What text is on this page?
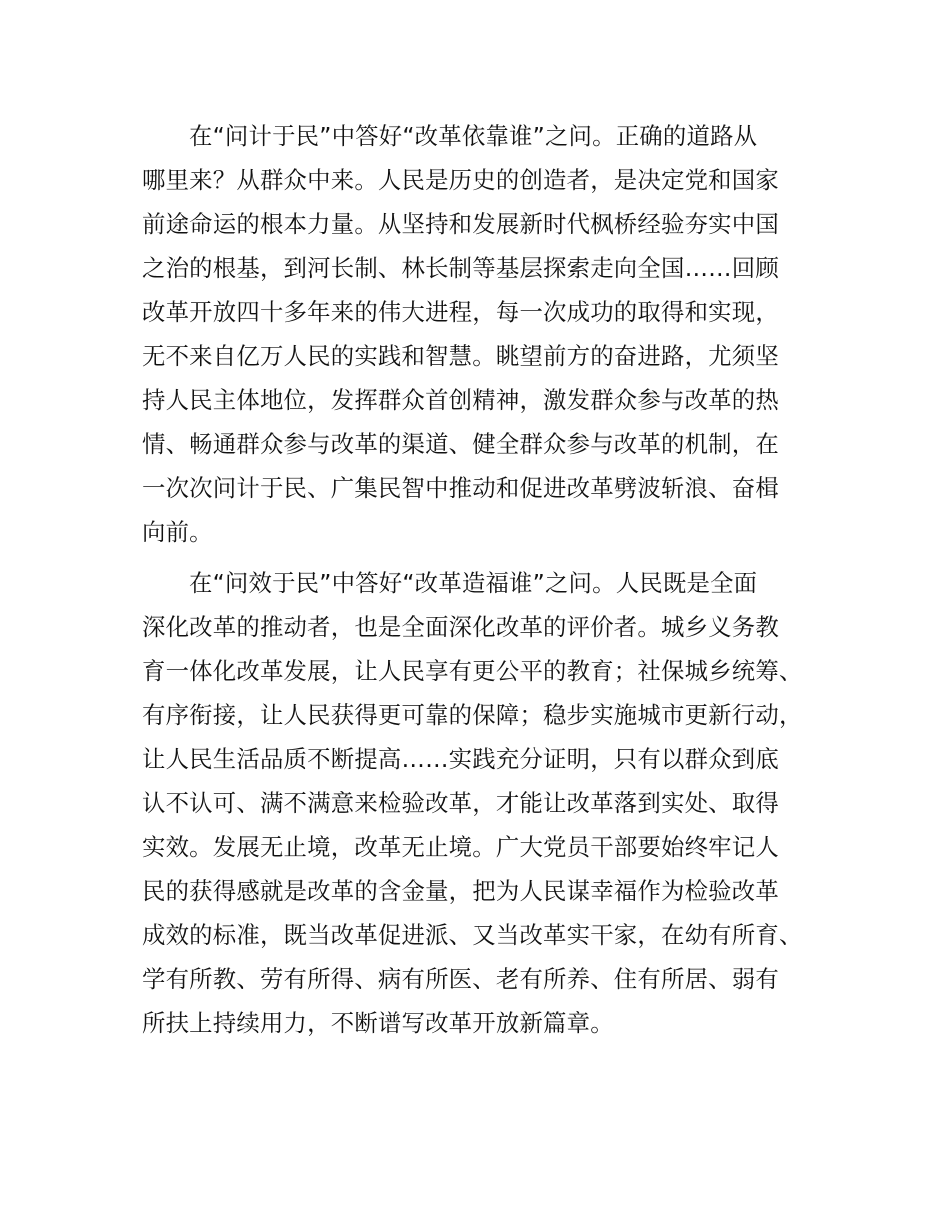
在“问计于民”中答好“改革依靠谁”之问。正确的道路从
哪里来？从群众中来。人民是历史的创造者，是决定党和国家
前途命运的根本力量。从坚持和发展新时代枫桥经验夯实中国
之治的根基，到河长制、林长制等基层探索走向全国……回顾
改革开放四十多年来的伟大进程，每一次成功的取得和实现，
无不来自亿万人民的实践和智慧。眺望前方的奋进路，尤须坚
持人民主体地位，发挥群众首创精神，激发群众参与改革的热
情、畅通群众参与改革的渠道、健全群众参与改革的机制，在
一次次问计于民、广集民智中推动和促进改革劈波斩浪、奋楫
向前。
在“问效于民”中答好“改革造福谁”之问。人民既是全面
深化改革的推动者，也是全面深化改革的评价者。城乡义务教
育一体化改革发展，让人民享有更公平的教育；社保城乡统筹、
有序衔接，让人民获得更可靠的保障；稳步实施城市更新行动，
让人民生活品质不断提高……实践充分证明，只有以群众到底
认不认可、满不满意来检验改革，才能让改革落到实处、取得
实效。发展无止境，改革无止境。广大党员干部要始终牢记人
民的获得感就是改革的含金量，把为人民谋幸福作为检验改革
成效的标准，既当改革促进派、又当改革实干家，在幼有所育、
学有所教、劳有所得、病有所医、老有所养、住有所居、弱有
所扶上持续用力，不断谱写改革开放新篇章。
